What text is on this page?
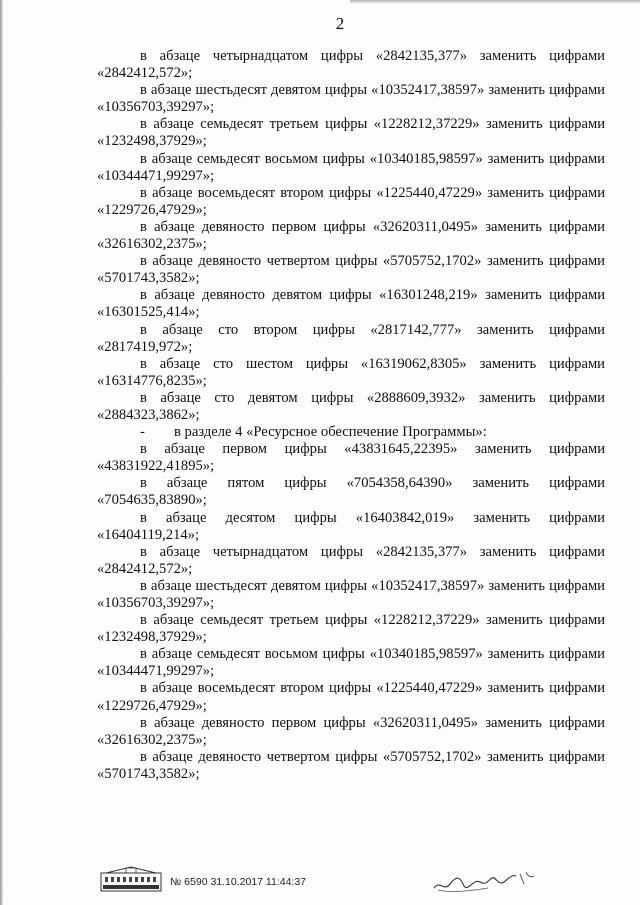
2

в абзаце четырнадцатом цифры «2842135,377» заменить цифрами «2842412,572»;

в абзаце шестьдесят девятом цифры «10352417,38597» заменить цифрами «10356703,39297»;

в абзаце семьдесят третьем цифры «1228212,37229» заменить цифрами «1232498,37929»;

в абзаце семьдесят восьмом цифры «10340185,98597» заменить цифрами «10344471,99297»;

в абзаце восемьдесят втором цифры «1225440,47229» заменить цифрами «1229726,47929»;

в абзаце девяносто первом цифры «32620311,0495» заменить цифрами «32616302,2375»;

в абзаце девяносто четвертом цифры «5705752,1702» заменить цифрами «5701743,3582»;

в абзаце девяносто девятом цифры «16301248,219» заменить цифрами «16301525,414»;

в абзаце сто втором цифры «2817142,777» заменить цифрами «2817419,972»;

в абзаце сто шестом цифры «16319062,8305» заменить цифрами «16314776,8235»;

в абзаце сто девятом цифры «2888609,3932» заменить цифрами «2884323,3862»;

- в разделе 4 «Ресурсное обеспечение Программы»:

в абзаце первом цифры «43831645,22395» заменить цифрами «43831922,41895»;

в абзаце пятом цифры «7054358,64390» заменить цифрами «7054635,83890»;

в абзаце десятом цифры «16403842,019» заменить цифрами «16404119,214»;

в абзаце четырнадцатом цифры «2842135,377» заменить цифрами «2842412,572»;

в абзаце шестьдесят девятом цифры «10352417,38597» заменить цифрами «10356703,39297»;

в абзаце семьдесят третьем цифры «1228212,37229» заменить цифрами «1232498,37929»;

в абзаце семьдесят восьмом цифры «10340185,98597» заменить цифрами «10344471,99297»;

в абзаце восемьдесят втором цифры «1225440,47229» заменить цифрами «1229726,47929»;

в абзаце девяносто первом цифры «32620311,0495» заменить цифрами «32616302,2375»;

в абзаце девяносто четвертом цифры «5705752,1702» заменить цифрами «5701743,3582»;

№ 6590 31.10.2017 11:44:37
